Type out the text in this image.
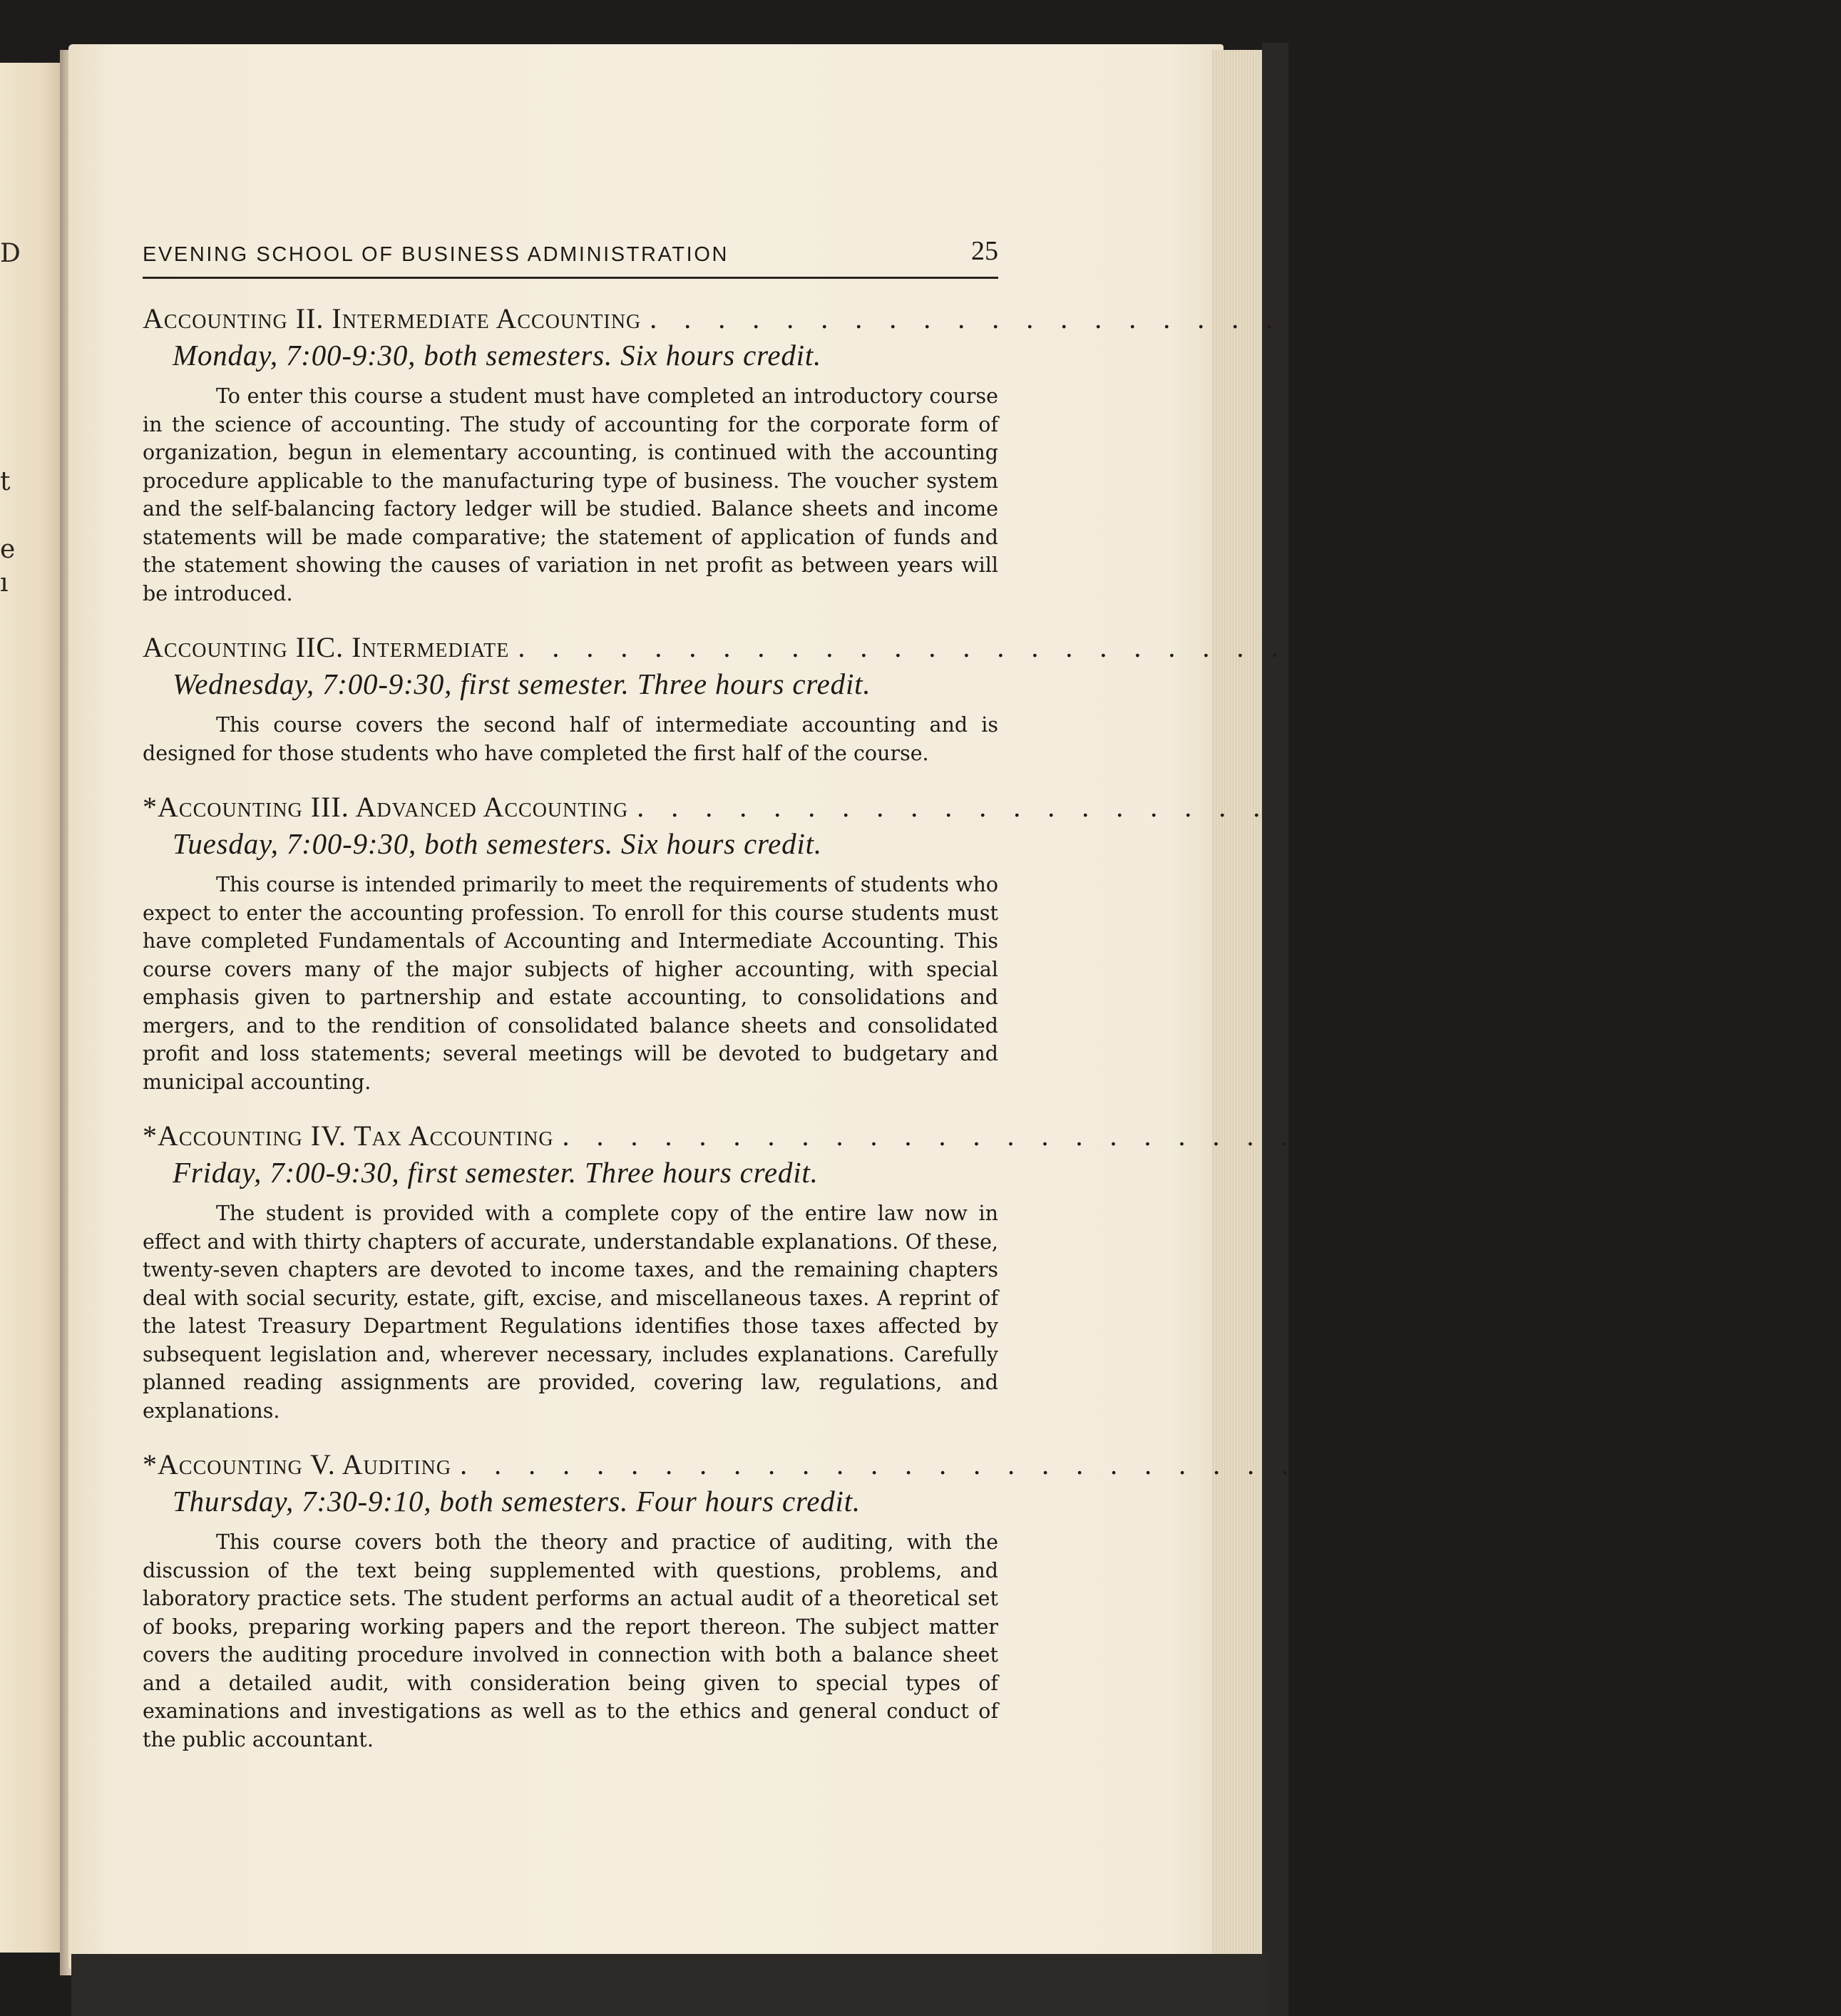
D
t
e
ı
EVENING SCHOOL OF BUSINESS ADMINISTRATION	25
Accounting II. Intermediate Accounting . . . . . . . . . . . . . . . . . . . . . . . . . . . . . . . MR. WHITT.
Monday, 7:00-9:30, both semesters. Six hours credit.

To enter this course a student must have completed an introductory course in the science of accounting. The study of accounting for the corporate form of organization, begun in elementary accounting, is continued with the accounting procedure applicable to the manufacturing type of business. The voucher system and the self-balancing factory ledger will be studied. Balance sheets and income statements will be made comparative; the statement of application of funds and the statement showing the causes of variation in net profit as between years will be introduced.

Accounting IIC. Intermediate . . . . . . . . . . . . . . . . . . . . . . . . . . . . . . . MR. CLEMENT.
Wednesday, 7:00-9:30, first semester. Three hours credit.

This course covers the second half of intermediate accounting and is designed for those students who have completed the first half of the course.

* Accounting III. Advanced Accounting . . . . . . . . . . . . . . . . . . . . . . . . . . . . . . . MR. ROWLETT.
Tuesday, 7:00-9:30, both semesters. Six hours credit.

This course is intended primarily to meet the requirements of students who expect to enter the accounting profession. To enroll for this course students must have completed Fundamentals of Accounting and Intermediate Accounting. This course covers many of the major subjects of higher accounting, with special emphasis given to partnership and estate accounting, to consolidations and mergers, and to the rendition of consolidated balance sheets and consolidated profit and loss statements; several meetings will be devoted to budgetary and municipal accounting.

* Accounting IV. Tax Accounting . . . . . . . . . . . . . . . . . . . . . . . . . . . . . . . MR. HEBERLE.
Friday, 7:00-9:30, first semester. Three hours credit.

The student is provided with a complete copy of the entire law now in effect and with thirty chapters of accurate, understandable explanations. Of these, twenty-seven chapters are devoted to income taxes, and the remaining chapters deal with social security, estate, gift, excise, and miscellaneous taxes. A reprint of the latest Treasury Department Regulations identifies those taxes affected by subsequent legislation and, wherever necessary, includes explanations. Carefully planned reading assignments are provided, covering law, regulations, and explanations.

* Accounting V. Auditing . . . . . . . . . . . . . . . . . . . . . . . . . . . . . . . MR. SMITH.
Thursday, 7:30-9:10, both semesters. Four hours credit.

This course covers both the theory and practice of auditing, with the discussion of the text being supplemented with questions, problems, and laboratory practice sets. The student performs an actual audit of a theoretical set of books, preparing working papers and the report thereon. The subject matter covers the auditing procedure involved in connection with both a balance sheet and a detailed audit, with consideration being given to special types of examinations and investigations as well as to the ethics and general conduct of the public accountant.
